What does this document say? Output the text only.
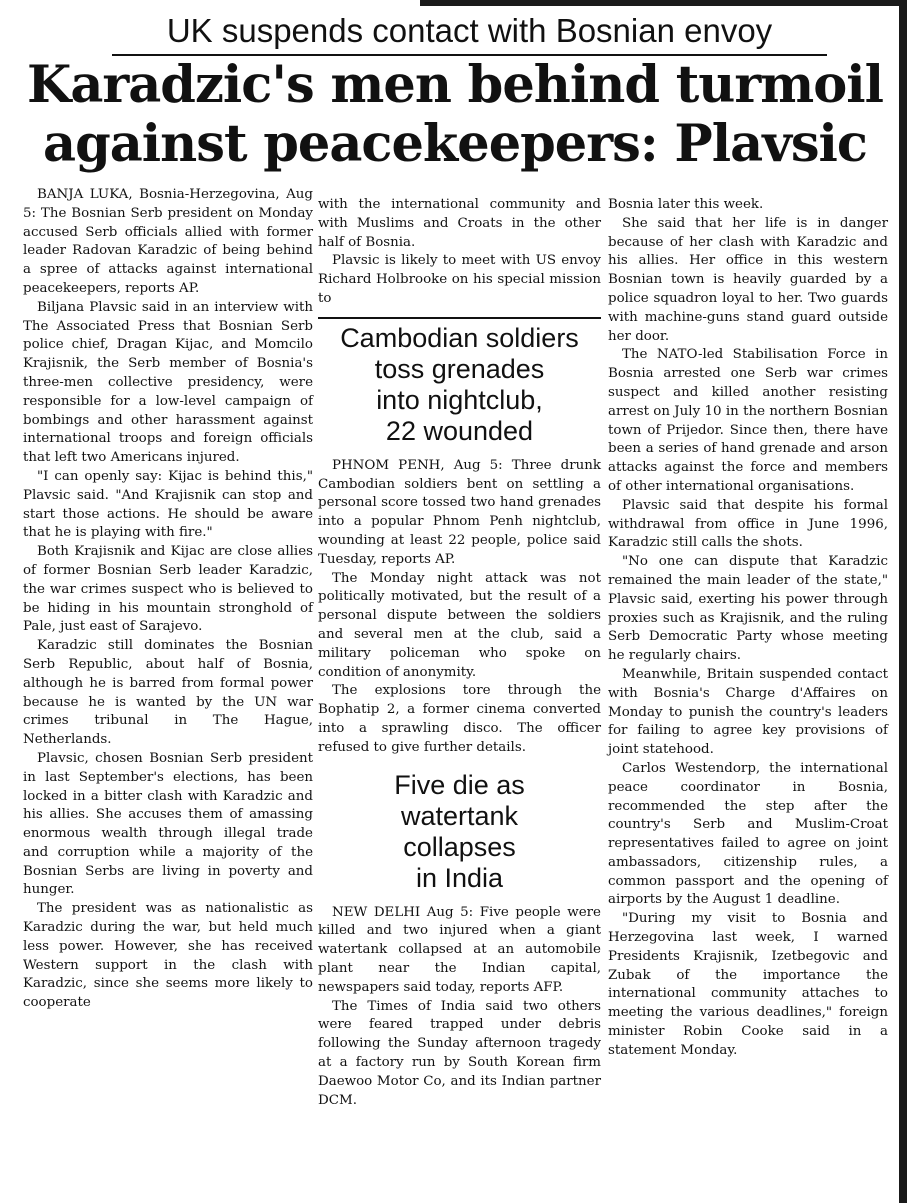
UK suspends contact with Bosnian envoy
Karadzic's men behind turmoil
against peacekeepers: Plavsic

BANJA LUKA, Bosnia-Herzegovina, Aug 5: The Bosnian Serb president on Monday accused Serb officials allied with former leader Radovan Karadzic of being behind a spree of attacks against international peacekeepers, reports AP.

Biljana Plavsic said in an interview with The Associated Press that Bosnian Serb police chief, Dragan Kijac, and Momcilo Krajisnik, the Serb member of Bosnia's three-men collective presidency, were responsible for a low-level campaign of bombings and other harassment against international troops and foreign officials that left two Americans injured.

"I can openly say: Kijac is behind this," Plavsic said. "And Krajisnik can stop and start those actions. He should be aware that he is playing with fire."

Both Krajisnik and Kijac are close allies of former Bosnian Serb leader Karadzic, the war crimes suspect who is believed to be hiding in his mountain stronghold of Pale, just east of Sarajevo.

Karadzic still dominates the Bosnian Serb Republic, about half of Bosnia, although he is barred from formal power because he is wanted by the UN war crimes tribunal in The Hague, Netherlands.

Plavsic, chosen Bosnian Serb president in last September's elections, has been locked in a bitter clash with Karadzic and his allies. She accuses them of amassing enormous wealth through illegal trade and corruption while a majority of the Bosnian Serbs are living in poverty and hunger.

The president was as nationalistic as Karadzic during the war, but held much less power. However, she has received Western support in the clash with Karadzic, since she seems more likely to cooperate

with the international community and with Muslims and Croats in the other half of Bosnia.

Plavsic is likely to meet with US envoy Richard Holbrooke on his special mission to

Cambodian soldiers
toss grenades
into nightclub,
22 wounded

PHNOM PENH, Aug 5: Three drunk Cambodian soldiers bent on settling a personal score tossed two hand grenades into a popular Phnom Penh nightclub, wounding at least 22 people, police said Tuesday, reports AP.

The Monday night attack was not politically motivated, but the result of a personal dispute between the soldiers and several men at the club, said a military policeman who spoke on condition of anonymity.

The explosions tore through the Bophatip 2, a former cinema converted into a sprawling disco. The officer refused to give further details.

Five die as
watertank
collapses
in India

NEW DELHI Aug 5: Five people were killed and two injured when a giant watertank collapsed at an automobile plant near the Indian capital, newspapers said today, reports AFP.

The Times of India said two others were feared trapped under debris following the Sunday afternoon tragedy at a factory run by South Korean firm Daewoo Motor Co, and its Indian partner DCM.

Bosnia later this week.

She said that her life is in danger because of her clash with Karadzic and his allies. Her office in this western Bosnian town is heavily guarded by a police squadron loyal to her. Two guards with machine-guns stand guard outside her door.

The NATO-led Stabilisation Force in Bosnia arrested one Serb war crimes suspect and killed another resisting arrest on July 10 in the northern Bosnian town of Prijedor. Since then, there have been a series of hand grenade and arson attacks against the force and members of other international organisations.

Plavsic said that despite his formal withdrawal from office in June 1996, Karadzic still calls the shots.

"No one can dispute that Karadzic remained the main leader of the state," Plavsic said, exerting his power through proxies such as Krajisnik, and the ruling Serb Democratic Party whose meeting he regularly chairs.

Meanwhile, Britain suspended contact with Bosnia's Charge d'Affaires on Monday to punish the country's leaders for failing to agree key provisions of joint statehood.

Carlos Westendorp, the international peace coordinator in Bosnia, recommended the step after the country's Serb and Muslim-Croat representatives failed to agree on joint ambassadors, citizenship rules, a common passport and the opening of airports by the August 1 deadline.

"During my visit to Bosnia and Herzegovina last week, I warned Presidents Krajisnik, Izetbegovic and Zubak of the importance the international community attaches to meeting the various deadlines," foreign minister Robin Cooke said in a statement Monday.
